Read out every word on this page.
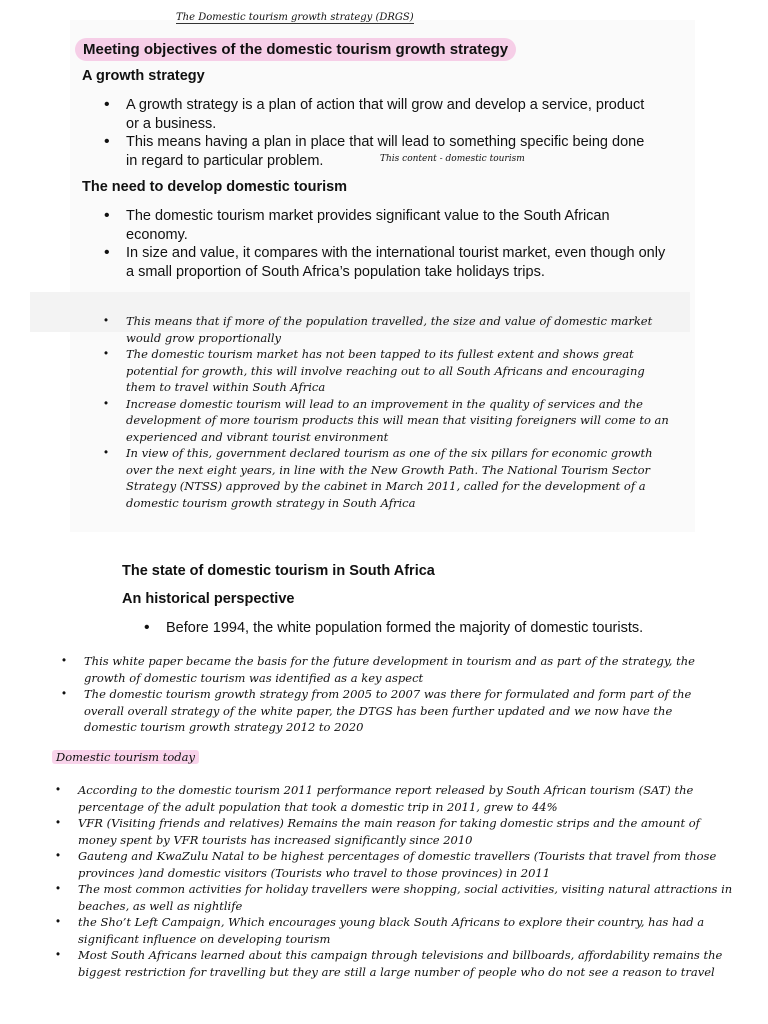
The Domestic tourism growth strategy (DRGS)
Meeting objectives of the domestic tourism growth strategy
A growth strategy
• A growth strategy is a plan of action that will grow and develop a service, product or a business.
• This means having a plan in place that will lead to something specific being done in regard to particular problem.	This content - domestic tourism
The need to develop domestic tourism
• The domestic tourism market provides significant value to the South African economy.
• In size and value, it compares with the international tourist market, even though only a small proportion of South Africa’s population take holidays trips.
• This means that if more of the population travelled, the size and value of domestic market would grow proportionally
• The domestic tourism market has not been tapped to its fullest extent and shows great potential for growth, this will involve reaching out to all South Africans and encouraging them to travel within South Africa
• Increase domestic tourism will lead to an improvement in the quality of services and the development of more tourism products this will mean that visiting foreigners will come to an experienced and vibrant tourist environment
• In view of this, government declared tourism as one of the six pillars for economic growth over the next eight years, in line with the New Growth Path. The National Tourism Sector Strategy (NTSS) approved by the cabinet in March 2011, called for the development of a domestic tourism growth strategy in South Africa
The state of domestic tourism in South Africa
An historical perspective
• Before 1994, the white population formed the majority of domestic tourists.
• This white paper became the basis for the future development in tourism and as part of the strategy, the growth of domestic tourism was identified as a key aspect
• The domestic tourism growth strategy from 2005 to 2007 was there for formulated and form part of the overall overall strategy of the white paper, the DTGS has been further updated and we now have the domestic tourism growth strategy 2012 to 2020
Domestic tourism today
• According to the domestic tourism 2011 performance report released by South African tourism (SAT) the percentage of the adult population that took a domestic trip in 2011, grew to 44%
• VFR (Visiting friends and relatives) Remains the main reason for taking domestic strips and the amount of money spent by VFR tourists has increased significantly since 2010
• Gauteng and KwaZulu Natal to be highest percentages of domestic travellers (Tourists that travel from those provinces )and domestic visitors (Tourists who travel to those provinces) in 2011
• The most common activities for holiday travellers were shopping, social activities, visiting natural attractions in beaches, as well as nightlife
• the Sho’t Left Campaign, Which encourages young black South Africans to explore their country, has had a significant influence on developing tourism
• Most South Africans learned about this campaign through televisions and billboards, affordability remains the biggest restriction for travelling but they are still a large number of people who do not see a reason to travel
